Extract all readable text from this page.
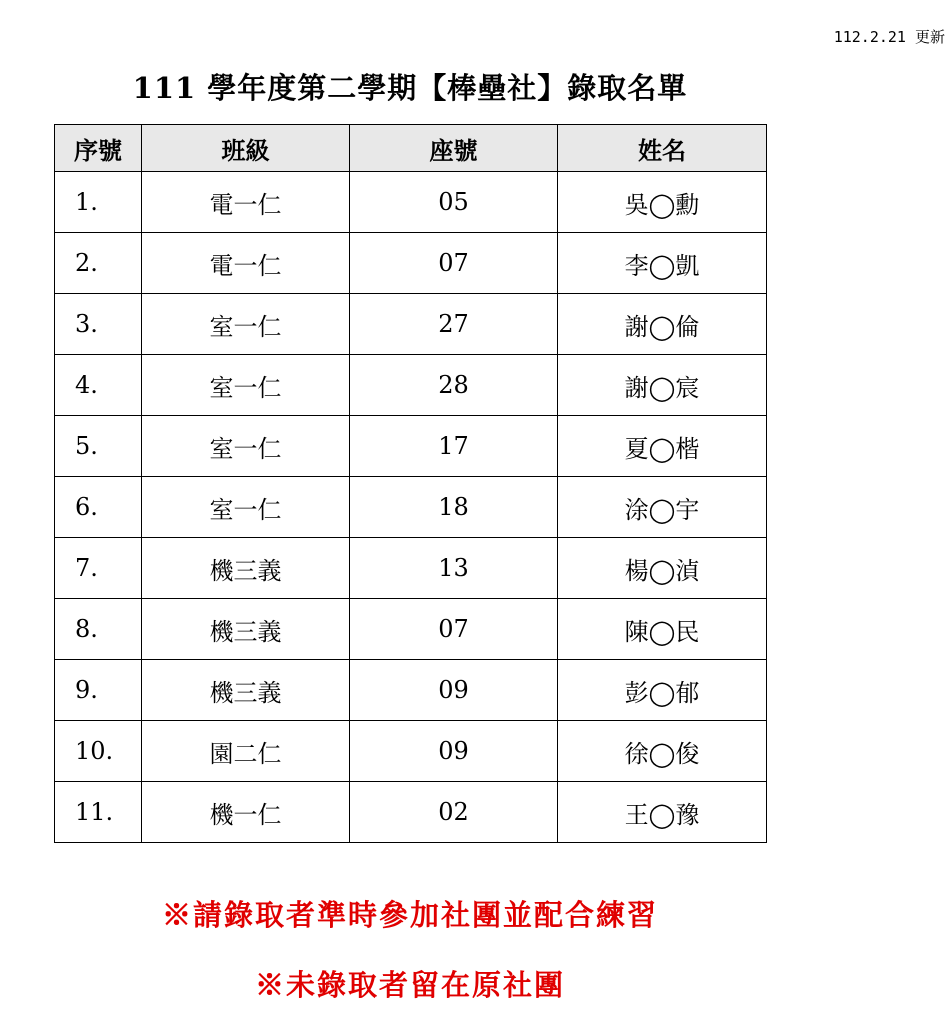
112.2.21 更新
111 學年度第二學期【棒壘社】錄取名單
序號	班級	座號	姓名
1.	電一仁	05	吳◯勳
2.	電一仁	07	李◯凱
3.	室一仁	27	謝◯倫
4.	室一仁	28	謝◯宸
5.	室一仁	17	夏◯楷
6.	室一仁	18	涂◯宇
7.	機三義	13	楊◯湞
8.	機三義	07	陳◯民
9.	機三義	09	彭◯郁
10.	園二仁	09	徐◯俊
11.	機一仁	02	王◯豫
※請錄取者準時參加社團並配合練習
※未錄取者留在原社團
